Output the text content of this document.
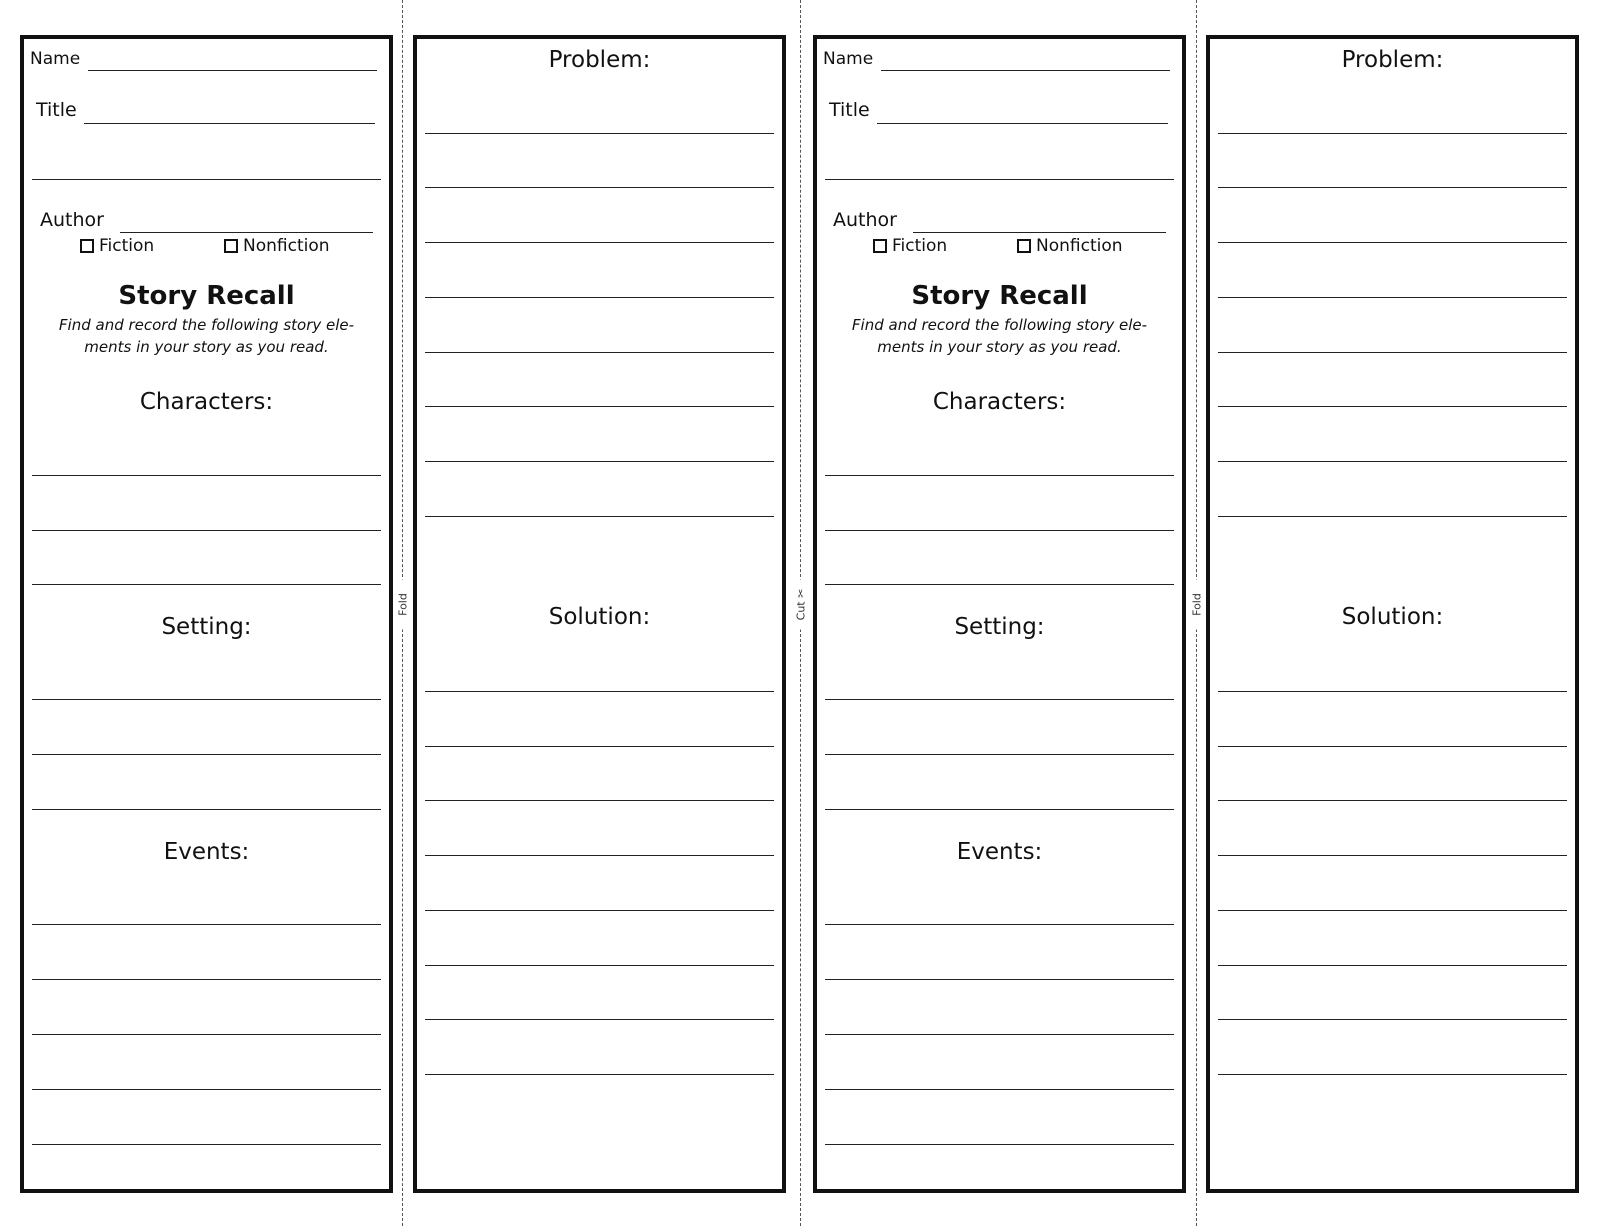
Fold	Cut ✂	Fold
Name
Title
Author
Fiction	Nonfiction
Story Recall
Find and record the following story ele-
ments in your story as you read.
Characters:
Setting:
Events:
Problem:
Solution:
Name
Title
Author
Fiction	Nonfiction
Story Recall
Find and record the following story ele-
ments in your story as you read.
Characters:
Setting:
Events:
Problem:
Solution:
